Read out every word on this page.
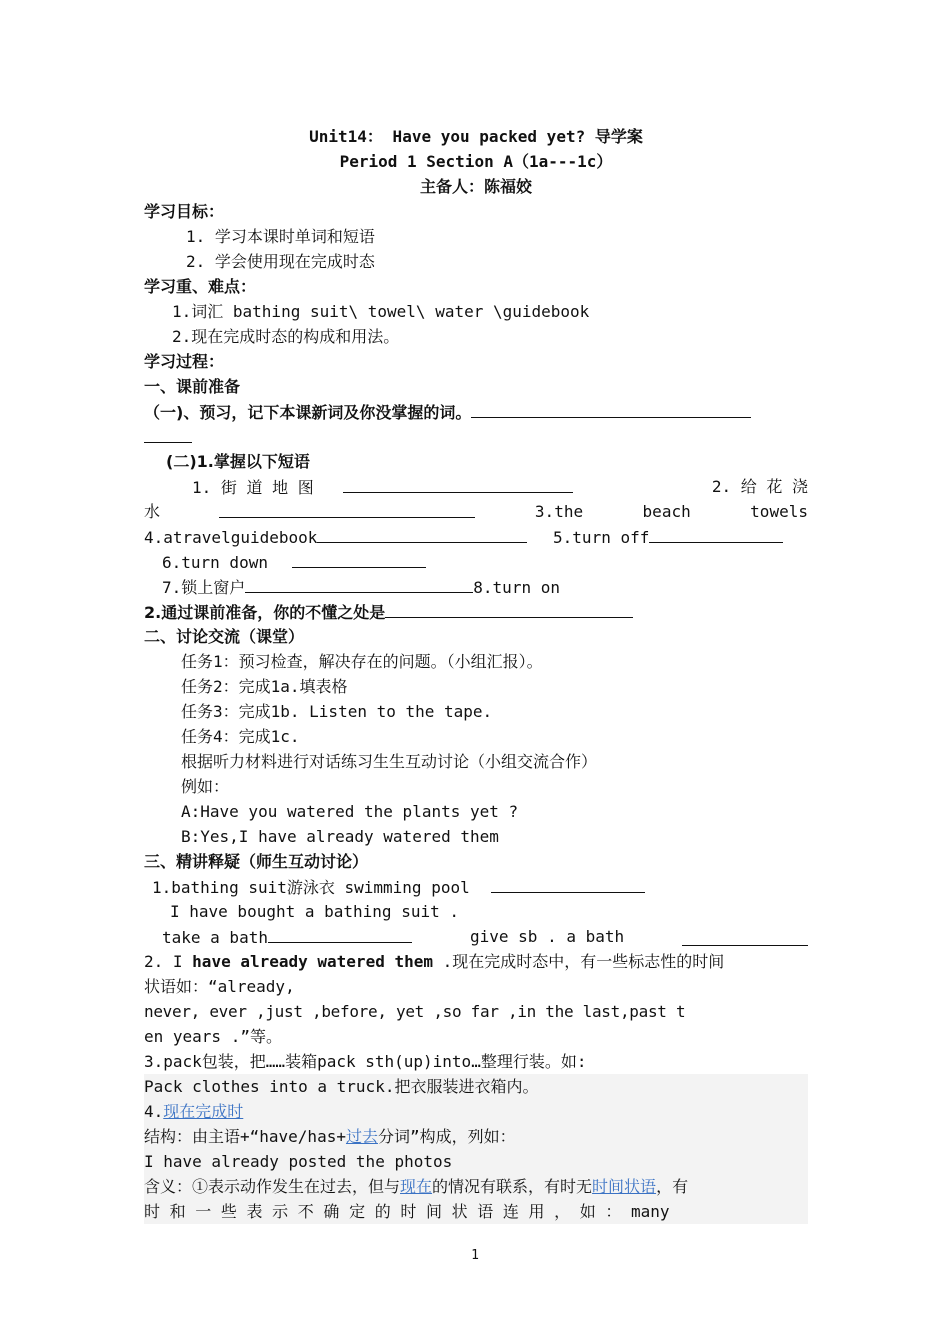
Unit14： Have you packed yet? 导学案
Period 1 Section A（1a---1c）
主备人：陈福姣
学习目标：
1. 学习本课时单词和短语
2. 学会使用现在完成时态
学习重、难点：
1.词汇 bathing suit\ towel\ water \guidebook
2.现在完成时态的构成和用法。
学习过程：
一、课前准备
（一)、预习，记下本课新词及你没掌握的词。
(二)1.掌握以下短语
1. 街 道 地 图	2. 给 花 浇
水	3.the	beach	towels
4.atravelguidebook	5.turn off
6.turn down
7.锁上窗户	8.turn on
2.通过课前准备，你的不懂之处是
二、讨论交流（课堂）
任务1：预习检查，解决存在的问题。（小组汇报）。
任务2：完成1a.填表格
任务3：完成1b. Listen to the tape.
任务4：完成1c.
根据听力材料进行对话练习生生互动讨论（小组交流合作）
例如：
A:Have you watered the plants yet ?
B:Yes,I have already watered them
三、精讲释疑（师生互动讨论）
1.bathing suit游泳衣 swimming pool
I have bought a bathing suit .
take a bath	give sb . a bath
2. I have already watered them .现在完成时态中，有一些标志性的时间
状语如：“already,
never, ever ,just ,before, yet ,so far ,in the last,past t
en years .”等。
3.pack包装，把……装箱pack sth(up)into…整理行装。如:
Pack clothes into a truck.把衣服装进衣箱内。
4.现在完成时
结构：由主语+“have/has+过去分词”构成，列如：
I have already posted the photos
含义：①表示动作发生在过去，但与现在的情况有联系，有时无时间状语，有
时 和 一 些 表 示 不 确 定 的 时 间 状 语 连 用 ， 如 ： many
1
